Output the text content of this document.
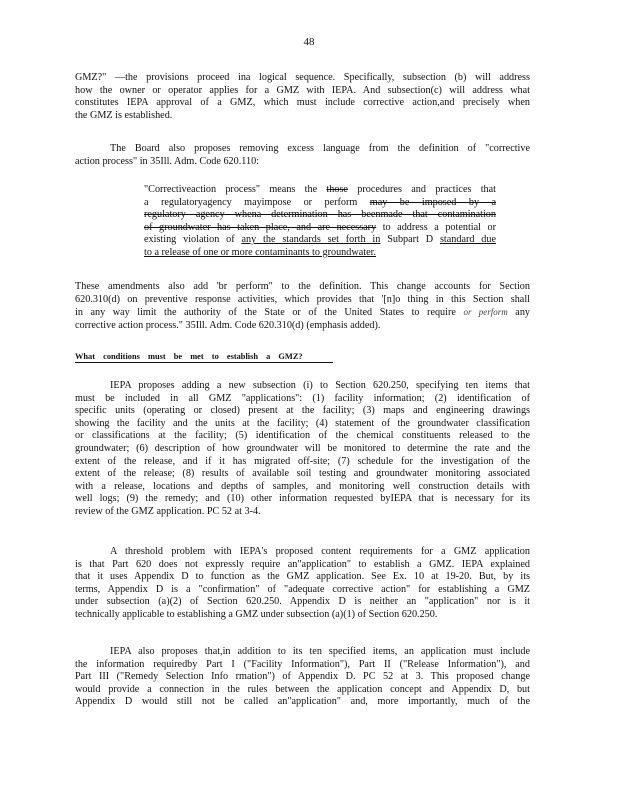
48
GMZ?" —the provisions proceed ina logical sequence. Specifically, subsection (b) will address
how the owner or operator applies for a GMZ with IEPA. And subsection(c) will address what
constitutes IEPA approval of a GMZ, which must include corrective action,and precisely when
the GMZ is established.
The Board also proposes removing excess language from the definition of "corrective
action process" in 35Ill. Adm. Code 620.110:
"Correctiveaction process" means the those procedures and practices that
a regulatoryagency mayimpose or perform may be imposed by a
regulatory agency whena determination has beenmade that contamination
of groundwater has taken place, and are necessary to address a potential or
existing violation of any the standards set forth in Subpart D standard due
to a release of one or more contaminants to groundwater.
These amendments also add 'br perform" to the definition. This change accounts for Section
620.310(d) on preventive response activities, which provides that '[n]o thing in this Section shall
in any way limit the authority of the State or of the United States to require or perform any
corrective action process." 35Ill. Adm. Code 620.310(d) (emphasis added).
What conditions must be met to establish a GMZ?
IEPA proposes adding a new subsection (i) to Section 620.250, specifying ten items that
must be included in all GMZ "applications": (1) facility information; (2) identification of
specific units (operating or closed) present at the facility; (3) maps and engineering drawings
showing the facility and the units at the facility; (4) statement of the groundwater classification
or classifications at the facility; (5) identification of the chemical constituents released to the
groundwater; (6) description of how groundwater will be monitored to determine the rate and the
extent of the release, and if it has migrated off-site; (7) schedule for the investigation of the
extent of the release; (8) results of available soil testing and groundwater monitoring associated
with a release, locations and depths of samples, and monitoring well construction details with
well logs; (9) the remedy; and (10) other information requested byIEPA that is necessary for its
review of the GMZ application. PC 52 at 3-4.
A threshold problem with IEPA's proposed content requirements for a GMZ application
is that Part 620 does not expressly require an"application" to establish a GMZ. IEPA explained
that it uses Appendix D to function as the GMZ application. See Ex. 10 at 19-20. But, by its
terms, Appendix D is a "confirmation" of "adequate corrective action" for establishing a GMZ
under subsection (a)(2) of Section 620.250. Appendix D is neither an "application" nor is it
technically applicable to establishing a GMZ under subsection (a)(1) of Section 620.250.
IEPA also proposes that,in addition to its ten specified items, an application must include
the information requiredby Part I ("Facility Information"), Part II ("Release Information"), and
Part III ("Remedy Selection Info rmation") of Appendix D. PC 52 at 3. This proposed change
would provide a connection in the rules between the application concept and Appendix D, but
Appendix D would still not be called an"application" and, more importantly, much of the
